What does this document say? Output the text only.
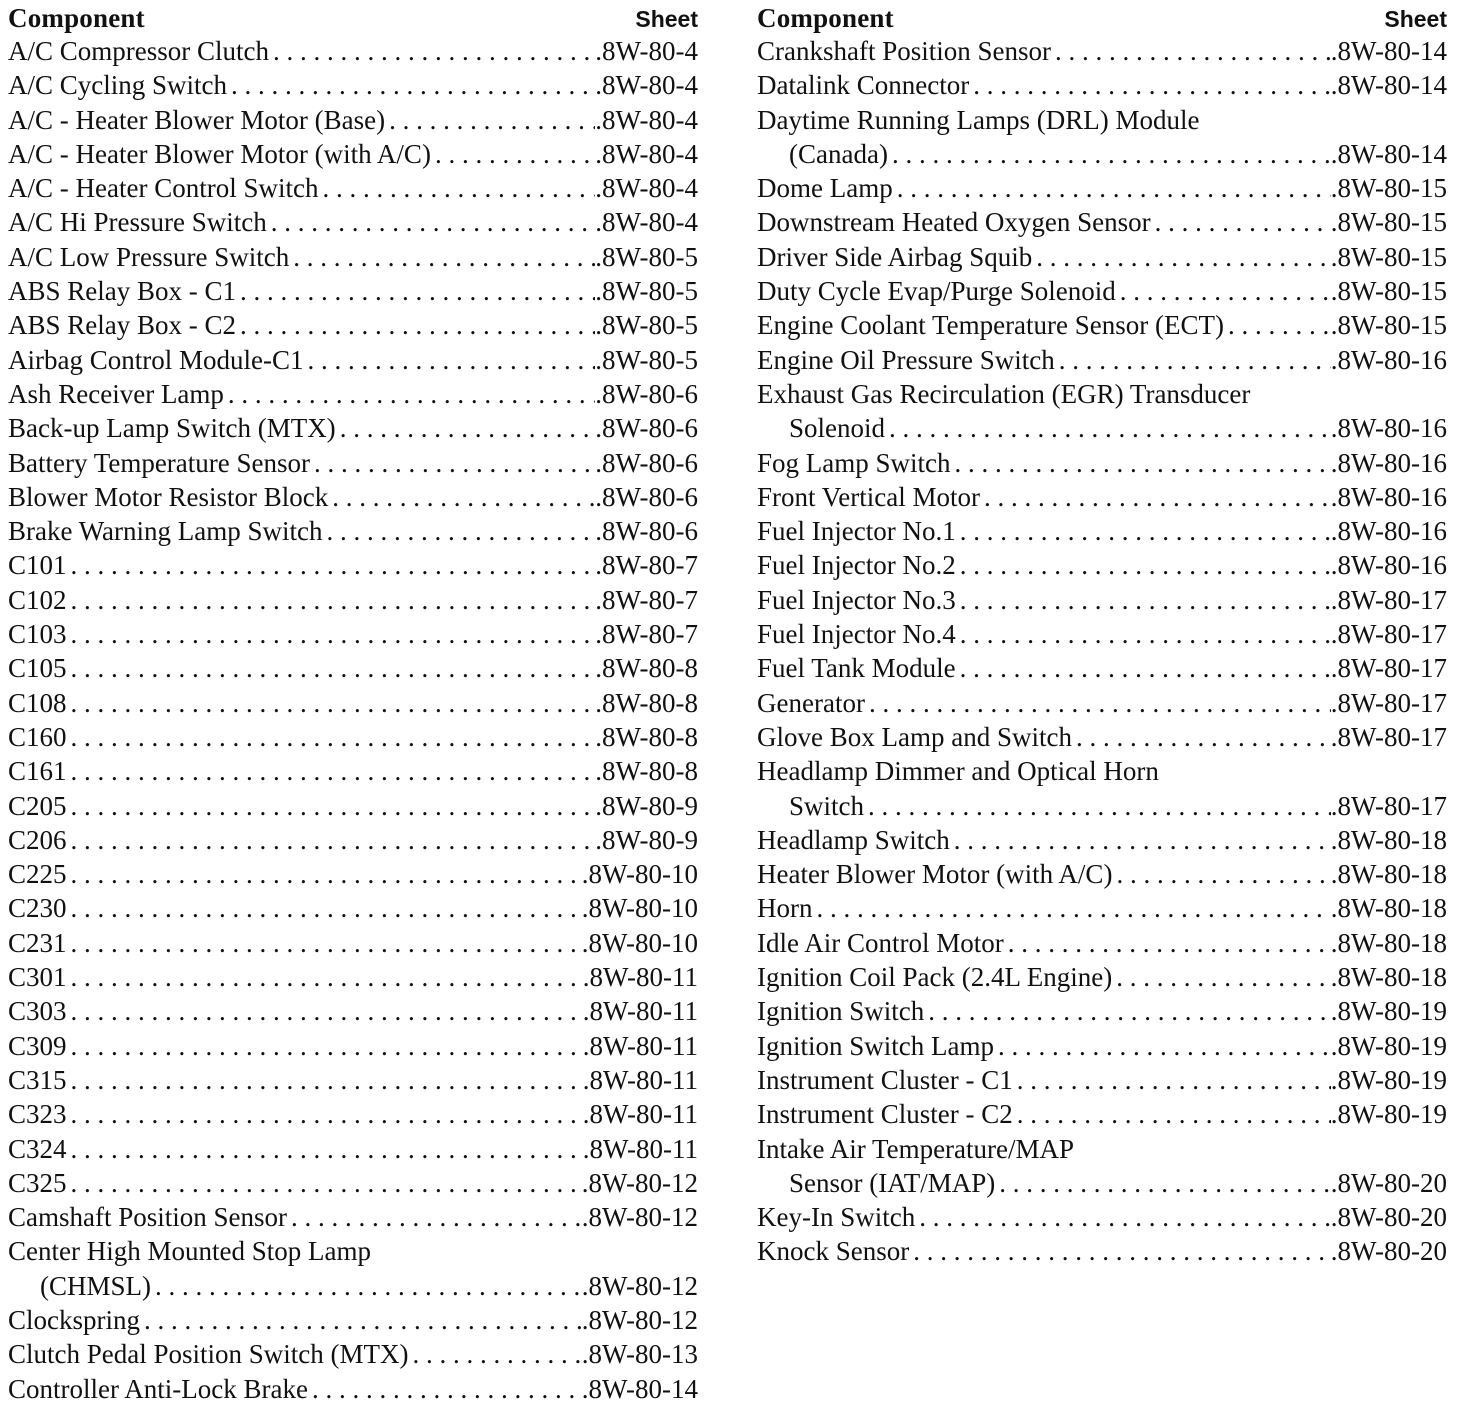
Component	Sheet
A/C Compressor Clutch . . .	.8W-80-4
A/C Cycling Switch . . .	.8W-80-4
A/C - Heater Blower Motor (Base) . . .	.8W-80-4
A/C - Heater Blower Motor (with A/C) . . .	.8W-80-4
A/C - Heater Control Switch . . .	.8W-80-4
A/C Hi Pressure Switch . . .	.8W-80-4
A/C Low Pressure Switch . . .	.8W-80-5
ABS Relay Box - C1 . . .	.8W-80-5
ABS Relay Box - C2 . . .	.8W-80-5
Airbag Control Module-C1 . . .	.8W-80-5
Ash Receiver Lamp . . .	.8W-80-6
Back-up Lamp Switch (MTX) . . .	.8W-80-6
Battery Temperature Sensor . . .	.8W-80-6
Blower Motor Resistor Block . . .	.8W-80-6
Brake Warning Lamp Switch . . .	.8W-80-6
C101 . . .	.8W-80-7
C102 . . .	.8W-80-7
C103 . . .	.8W-80-7
C105 . . .	.8W-80-8
C108 . . .	.8W-80-8
C160 . . .	.8W-80-8
C161 . . .	.8W-80-8
C205 . . .	.8W-80-9
C206 . . .	.8W-80-9
C225 . . .	.8W-80-10
C230 . . .	.8W-80-10
C231 . . .	.8W-80-10
C301 . . .	.8W-80-11
C303 . . .	.8W-80-11
C309 . . .	.8W-80-11
C315 . . .	.8W-80-11
C323 . . .	.8W-80-11
C324 . . .	.8W-80-11
C325 . . .	.8W-80-12
Camshaft Position Sensor . . .	.8W-80-12
Center High Mounted Stop Lamp
(CHMSL) . . .	.8W-80-12
Clockspring . . .	.8W-80-12
Clutch Pedal Position Switch (MTX) . . .	.8W-80-13
Controller Anti-Lock Brake . . .	.8W-80-14
Component	Sheet
Crankshaft Position Sensor . . .	.8W-80-14
Datalink Connector . . .	.8W-80-14
Daytime Running Lamps (DRL) Module
(Canada) . . .	.8W-80-14
Dome Lamp . . .	.8W-80-15
Downstream Heated Oxygen Sensor . . .	.8W-80-15
Driver Side Airbag Squib . . .	.8W-80-15
Duty Cycle Evap/Purge Solenoid . . .	.8W-80-15
Engine Coolant Temperature Sensor (ECT) . . .	.8W-80-15
Engine Oil Pressure Switch . . .	.8W-80-16
Exhaust Gas Recirculation (EGR) Transducer
Solenoid . . .	.8W-80-16
Fog Lamp Switch . . .	.8W-80-16
Front Vertical Motor . . .	.8W-80-16
Fuel Injector No.1 . . .	.8W-80-16
Fuel Injector No.2 . . .	.8W-80-16
Fuel Injector No.3 . . .	.8W-80-17
Fuel Injector No.4 . . .	.8W-80-17
Fuel Tank Module . . .	.8W-80-17
Generator . . .	.8W-80-17
Glove Box Lamp and Switch . . .	.8W-80-17
Headlamp Dimmer and Optical Horn
Switch . . .	.8W-80-17
Headlamp Switch . . .	.8W-80-18
Heater Blower Motor (with A/C) . . .	.8W-80-18
Horn . . .	.8W-80-18
Idle Air Control Motor . . .	.8W-80-18
Ignition Coil Pack (2.4L Engine) . . .	.8W-80-18
Ignition Switch . . .	.8W-80-19
Ignition Switch Lamp . . .	.8W-80-19
Instrument Cluster - C1 . . .	.8W-80-19
Instrument Cluster - C2 . . .	.8W-80-19
Intake Air Temperature/MAP
Sensor (IAT/MAP) . . .	.8W-80-20
Key-In Switch . . .	.8W-80-20
Knock Sensor . . .	.8W-80-20
